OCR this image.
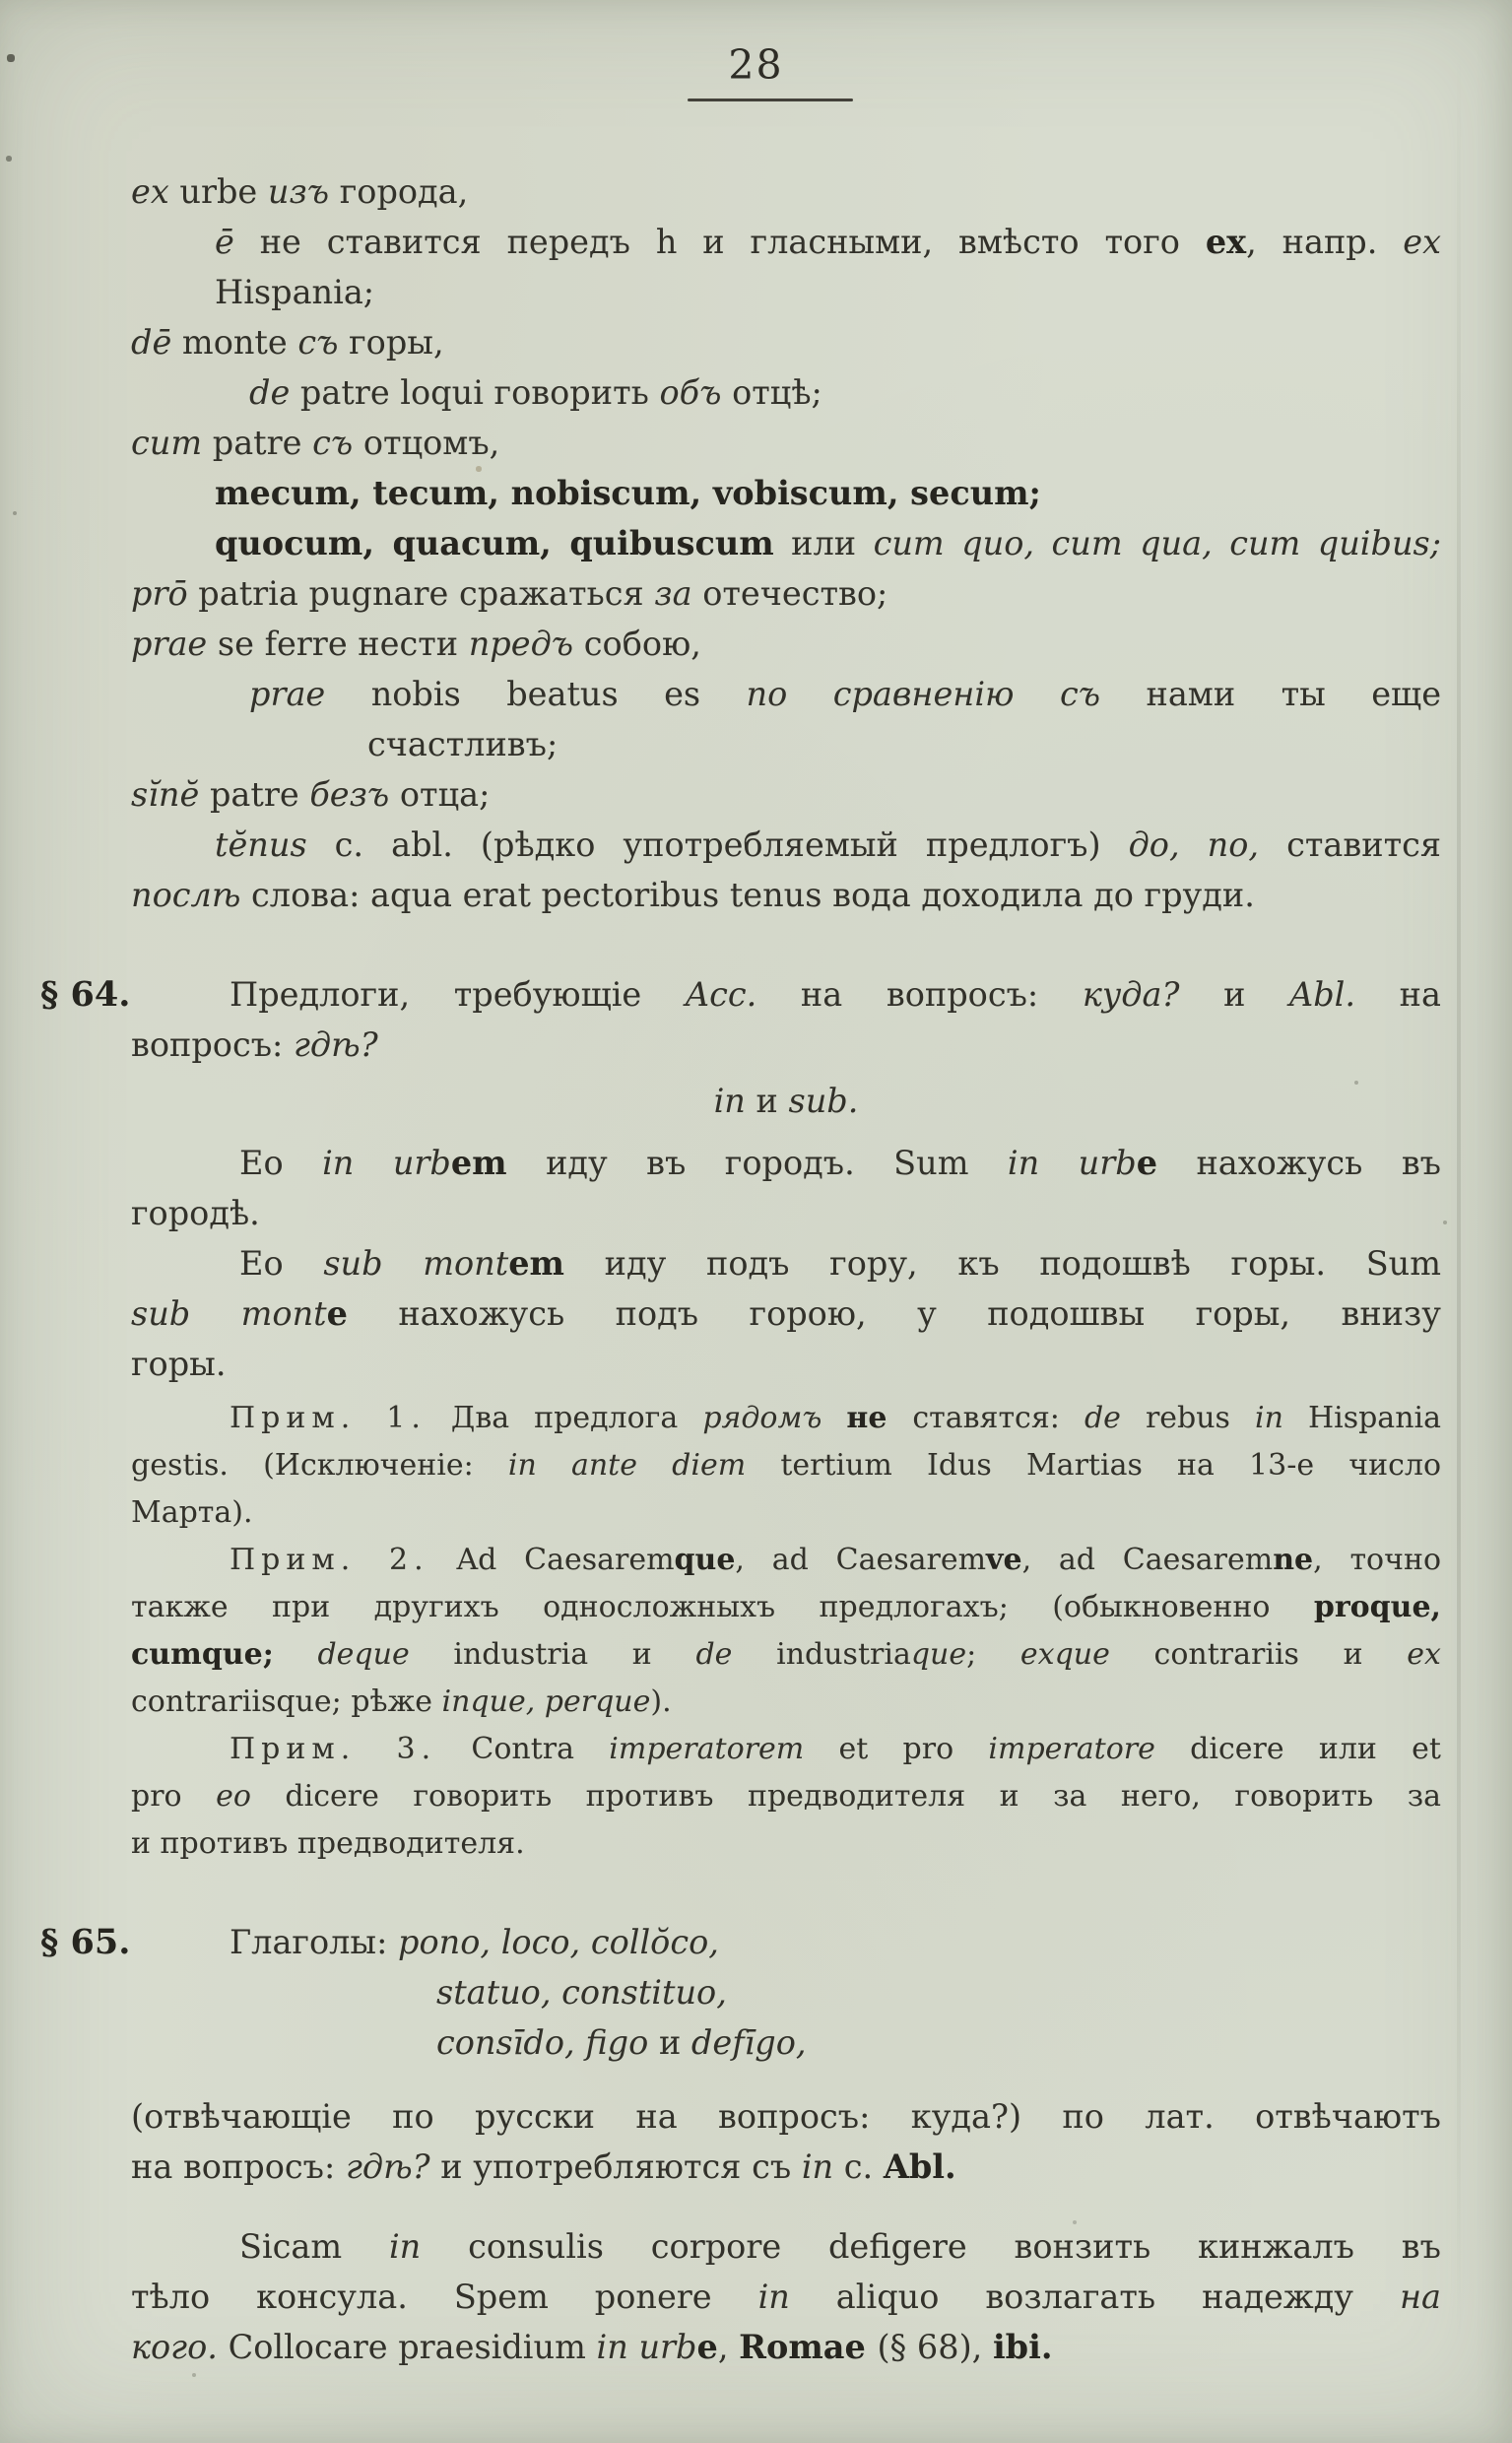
28
ex urbe изъ города,
ē не ставится передъ h и гласными, вмѣсто того ex, напр. ex
Hispania;
dē monte съ горы,
de patre loqui говорить объ отцѣ;
cum patre съ отцомъ,
mecum, tecum, nobiscum, vobiscum, secum;
quocum, quacum, quibuscum или cum quo, cum qua, cum quibus;
prō patria pugnare сражаться за отечество;
prae se ferre нести предъ собою,
prae nobis beatus es по сравненію съ нами ты еще
счастливъ;
sĭnĕ patre безъ отца;
tĕnus c. abl. (рѣдко употребляемый предлогъ) до, по, ставится
послѣ слова: aqua erat pectoribus tenus вода доходила до груди.
§ 64.	Предлоги, требующіе Acc. на вопросъ: куда? и Abl. на
вопросъ: гдѣ?
in и sub.
Eo in urbem иду въ городъ. Sum in urbe нахожусь въ
городѣ.
Eo sub montem иду подъ гору, къ подошвѣ горы. Sum
sub monte нахожусь подъ горою, у подошвы горы, внизу
горы.
Прим. 1. Два предлога рядомъ не ставятся: de rebus in Hispania
gestis. (Исключеніе: in ante diem tertium Idus Martias на 13-е число
Марта).
Прим. 2. Ad Caesaremque, ad Caesaremve, ad Caesaremne, точно
также при другихъ односложныхъ предлогахъ; (обыкновенно proque,
cumque; deque industria и de industriaque; exque contrariis и ex
contrariisque; рѣже inque, perque).
Прим. 3. Contra imperatorem et pro imperatore dicere или et
pro eo dicere говорить противъ предводителя и за него, говорить за
и противъ предводителя.
§ 65.	Глаголы: pono, loco, collŏco,
statuo, constituo,
consīdo, figo и defīgo,
(отвѣчающіе по русски на вопросъ: куда?) по лат. отвѣчаютъ
на вопросъ: гдѣ? и употребляются съ in c. Abl.
Sicam in consulis corpore defigere вонзить кинжалъ въ
тѣло консула. Spem ponere in aliquo возлагать надежду на
кого. Collocare praesidium in urbe, Romae (§ 68), ibi.
